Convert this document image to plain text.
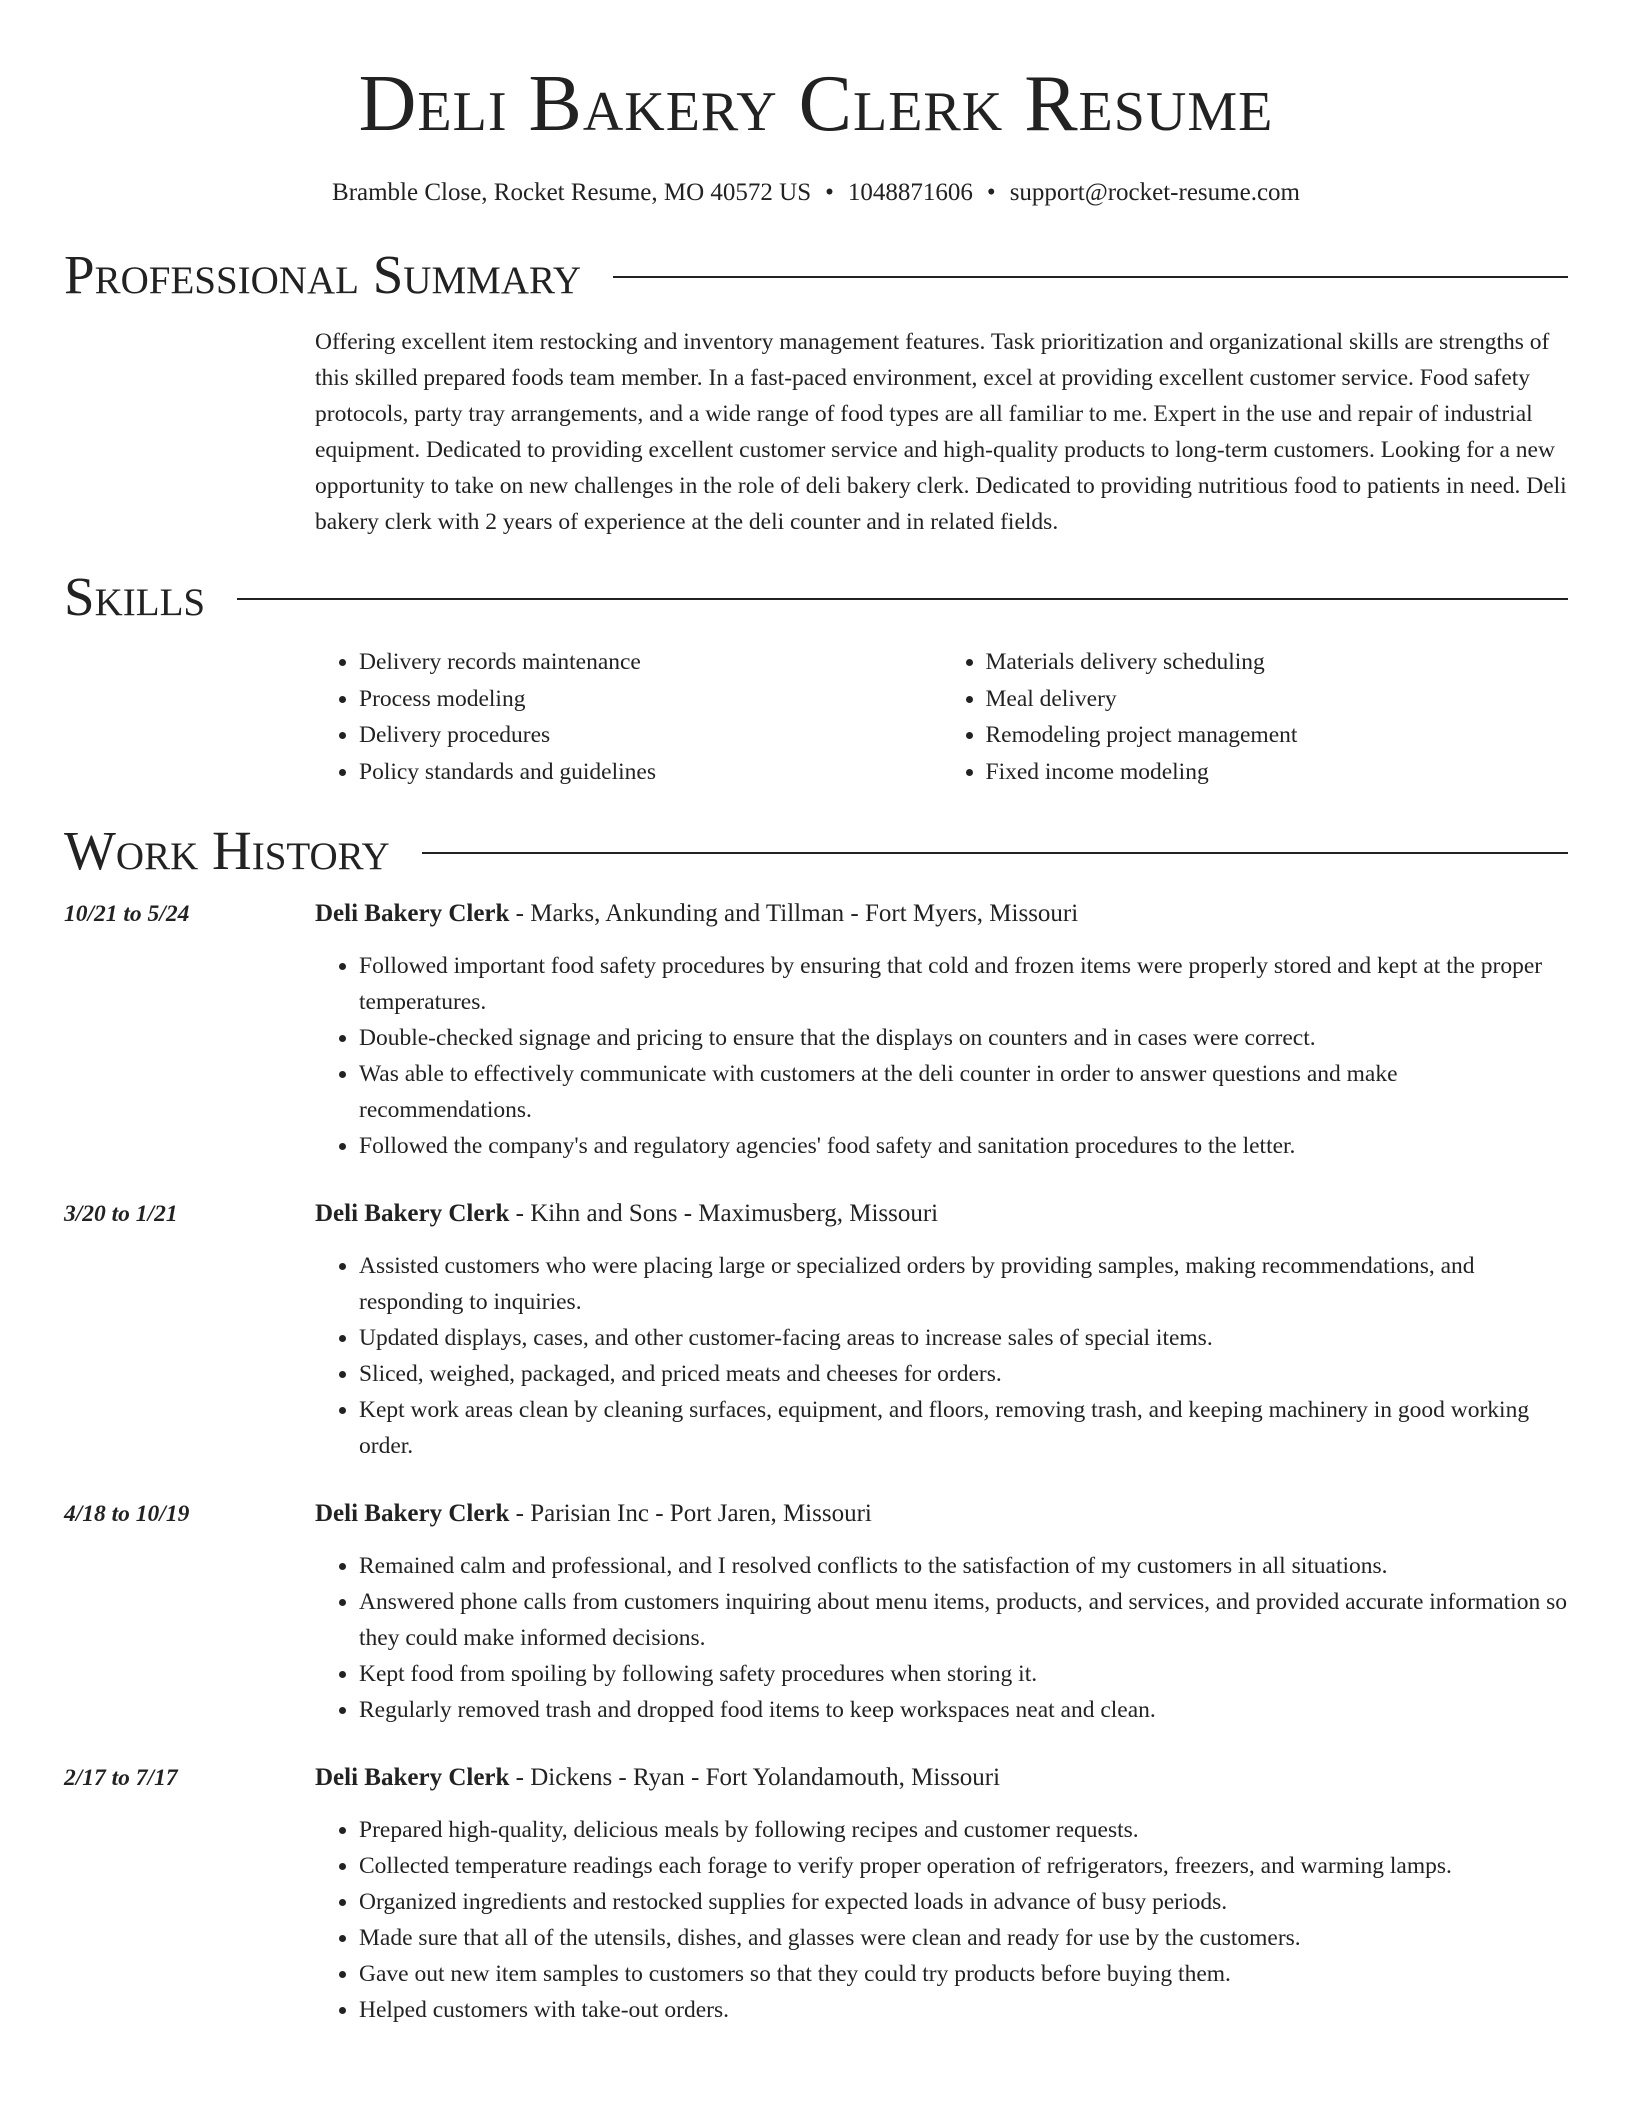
Deli Bakery Clerk Resume
Bramble Close, Rocket Resume, MO 40572 US • 1048871606 • support@rocket-resume.com
Professional Summary

Offering excellent item restocking and inventory management features. Task prioritization and organizational skills are strengths of this skilled prepared foods team member. In a fast-paced environment, excel at providing excellent customer service. Food safety protocols, party tray arrangements, and a wide range of food types are all familiar to me. Expert in the use and repair of industrial equipment. Dedicated to providing excellent customer service and high-quality products to long-term customers. Looking for a new opportunity to take on new challenges in the role of deli bakery clerk. Dedicated to providing nutritious food to patients in need. Deli bakery clerk with 2 years of experience at the deli counter and in related fields.

Skills
• Delivery records maintenance
• Process modeling
• Delivery procedures
• Policy standards and guidelines
• Materials delivery scheduling
• Meal delivery
• Remodeling project management
• Fixed income modeling
Work History
10/21 to 5/24	Deli Bakery Clerk - Marks, Ankunding and Tillman - Fort Myers, Missouri
• Followed important food safety procedures by ensuring that cold and frozen items were properly stored and kept at the proper temperatures.
• Double-checked signage and pricing to ensure that the displays on counters and in cases were correct.
• Was able to effectively communicate with customers at the deli counter in order to answer questions and make recommendations.
• Followed the company's and regulatory agencies' food safety and sanitation procedures to the letter.
3/20 to 1/21	Deli Bakery Clerk - Kihn and Sons - Maximusberg, Missouri
• Assisted customers who were placing large or specialized orders by providing samples, making recommendations, and responding to inquiries.
• Updated displays, cases, and other customer-facing areas to increase sales of special items.
• Sliced, weighed, packaged, and priced meats and cheeses for orders.
• Kept work areas clean by cleaning surfaces, equipment, and floors, removing trash, and keeping machinery in good working order.
4/18 to 10/19	Deli Bakery Clerk - Parisian Inc - Port Jaren, Missouri
• Remained calm and professional, and I resolved conflicts to the satisfaction of my customers in all situations.
• Answered phone calls from customers inquiring about menu items, products, and services, and provided accurate information so they could make informed decisions.
• Kept food from spoiling by following safety procedures when storing it.
• Regularly removed trash and dropped food items to keep workspaces neat and clean.
2/17 to 7/17	Deli Bakery Clerk - Dickens - Ryan - Fort Yolandamouth, Missouri
• Prepared high-quality, delicious meals by following recipes and customer requests.
• Collected temperature readings each forage to verify proper operation of refrigerators, freezers, and warming lamps.
• Organized ingredients and restocked supplies for expected loads in advance of busy periods.
• Made sure that all of the utensils, dishes, and glasses were clean and ready for use by the customers.
• Gave out new item samples to customers so that they could try products before buying them.
• Helped customers with take-out orders.
